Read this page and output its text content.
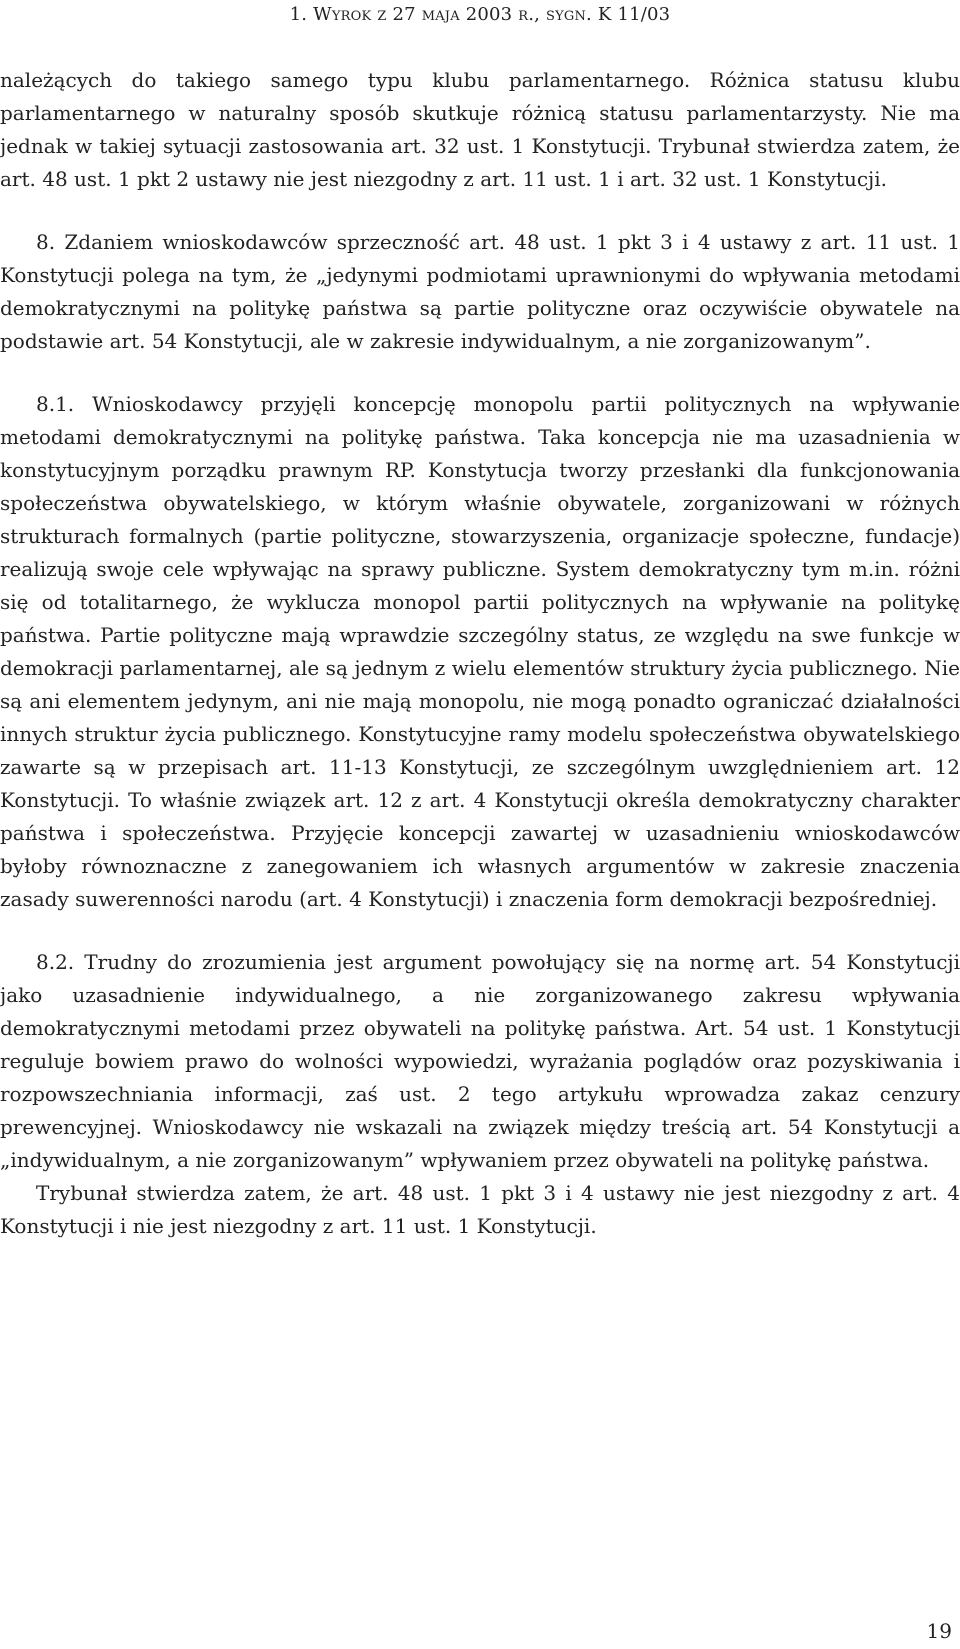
1. Wyrok z 27 maja 2003 r., sygn. K 11/03

należących do takiego samego typu klubu parlamentarnego. Różnica statusu klubu parlamentarnego w naturalny sposób skutkuje różnicą statusu parlamentarzysty. Nie ma jednak w takiej sytuacji zastosowania art. 32 ust. 1 Konstytucji. Trybunał stwierdza zatem, że art. 48 ust. 1 pkt 2 ustawy nie jest niezgodny z art. 11 ust. 1 i art. 32 ust. 1 Konstytucji.

8. Zdaniem wnioskodawców sprzeczność art. 48 ust. 1 pkt 3 i 4 ustawy z art. 11 ust. 1 Konstytucji polega na tym, że „jedynymi podmiotami uprawnionymi do wpływania metodami demokratycznymi na politykę państwa są partie polityczne oraz oczywiście obywatele na podstawie art. 54 Konstytucji, ale w zakresie indywidualnym, a nie zorganizowanym”.

8.1. Wnioskodawcy przyjęli koncepcję monopolu partii politycznych na wpływanie metodami demokratycznymi na politykę państwa. Taka koncepcja nie ma uzasadnienia w konstytucyjnym porządku prawnym RP. Konstytucja tworzy przesłanki dla funkcjonowania społeczeństwa obywatelskiego, w którym właśnie obywatele, zorganizowani w różnych strukturach formalnych (partie polityczne, stowarzyszenia, organizacje społeczne, fundacje) realizują swoje cele wpływając na sprawy publiczne. System demokratyczny tym m.in. różni się od totalitarnego, że wyklucza monopol partii politycznych na wpływanie na politykę państwa. Partie polityczne mają wprawdzie szczególny status, ze względu na swe funkcje w demokracji parlamentarnej, ale są jednym z wielu elementów struktury życia publicznego. Nie są ani elementem jedynym, ani nie mają monopolu, nie mogą ponadto ograniczać działalności innych struktur życia publicznego. Konstytucyjne ramy modelu społeczeństwa obywatelskiego zawarte są w przepisach art. 11-13 Konstytucji, ze szczególnym uwzględnieniem art. 12 Konstytucji. To właśnie związek art. 12 z art. 4 Konstytucji określa demokratyczny charakter państwa i społeczeństwa. Przyjęcie koncepcji zawartej w uzasadnieniu wnioskodawców byłoby równoznaczne z zanegowaniem ich własnych argumentów w zakresie znaczenia zasady suwerenności narodu (art. 4 Konstytucji) i znaczenia form demokracji bezpośredniej.

8.2. Trudny do zrozumienia jest argument powołujący się na normę art. 54 Konstytucji jako uzasadnienie indywidualnego, a nie zorganizowanego zakresu wpływania demokratycznymi metodami przez obywateli na politykę państwa. Art. 54 ust. 1 Konstytucji reguluje bowiem prawo do wolności wypowiedzi, wyrażania poglądów oraz pozyskiwania i rozpowszechniania informacji, zaś ust. 2 tego artykułu wprowadza zakaz cenzury prewencyjnej. Wnioskodawcy nie wskazali na związek między treścią art. 54 Konstytucji a „indywidualnym, a nie zorganizowanym” wpływaniem przez obywateli na politykę państwa.

Trybunał stwierdza zatem, że art. 48 ust. 1 pkt 3 i 4 ustawy nie jest niezgodny z art. 4 Konstytucji i nie jest niezgodny z art. 11 ust. 1 Konstytucji.

19
